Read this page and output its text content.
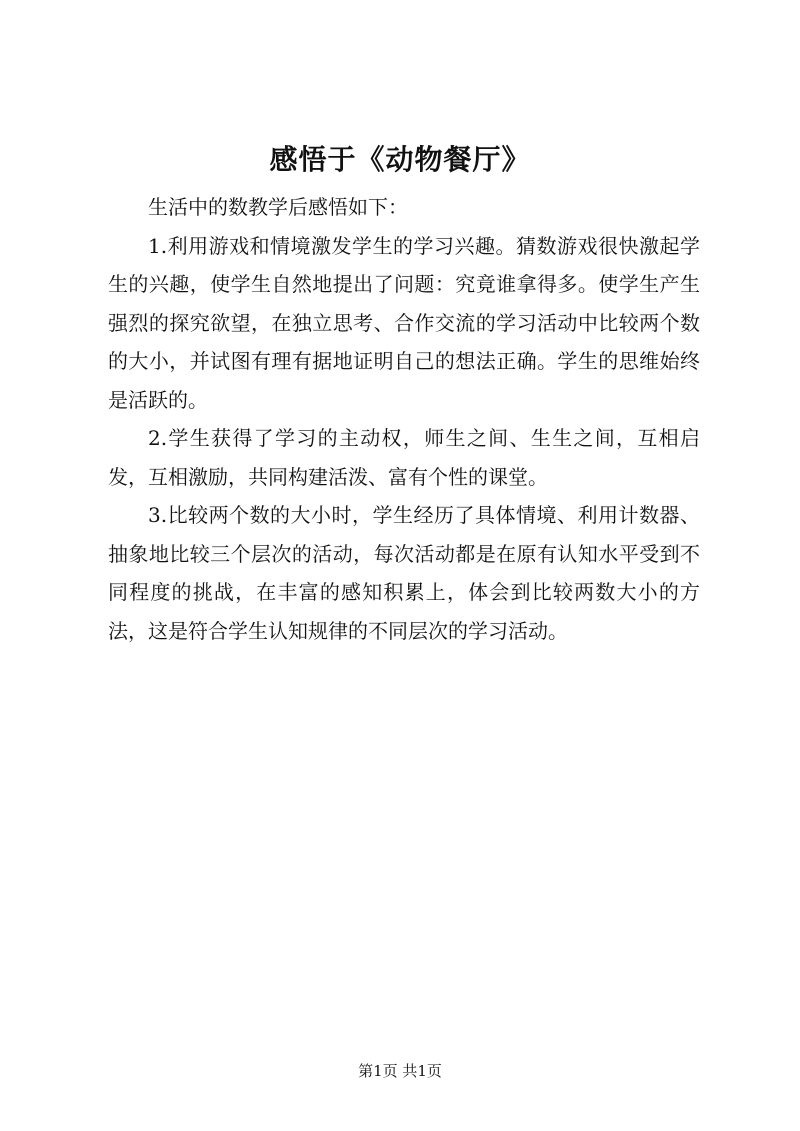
感悟于《动物餐厅》

生活中的数教学后感悟如下：

1.利用游戏和情境激发学生的学习兴趣。猜数游戏很快激起学生的兴趣，使学生自然地提出了问题：究竟谁拿得多。使学生产生强烈的探究欲望，在独立思考、合作交流的学习活动中比较两个数的大小，并试图有理有据地证明自己的想法正确。学生的思维始终是活跃的。

2.学生获得了学习的主动权，师生之间、生生之间，互相启发，互相激励，共同构建活泼、富有个性的课堂。

3.比较两个数的大小时，学生经历了具体情境、利用计数器、抽象地比较三个层次的活动，每次活动都是在原有认知水平受到不同程度的挑战，在丰富的感知积累上，体会到比较两数大小的方法，这是符合学生认知规律的不同层次的学习活动。

第1页 共1页
